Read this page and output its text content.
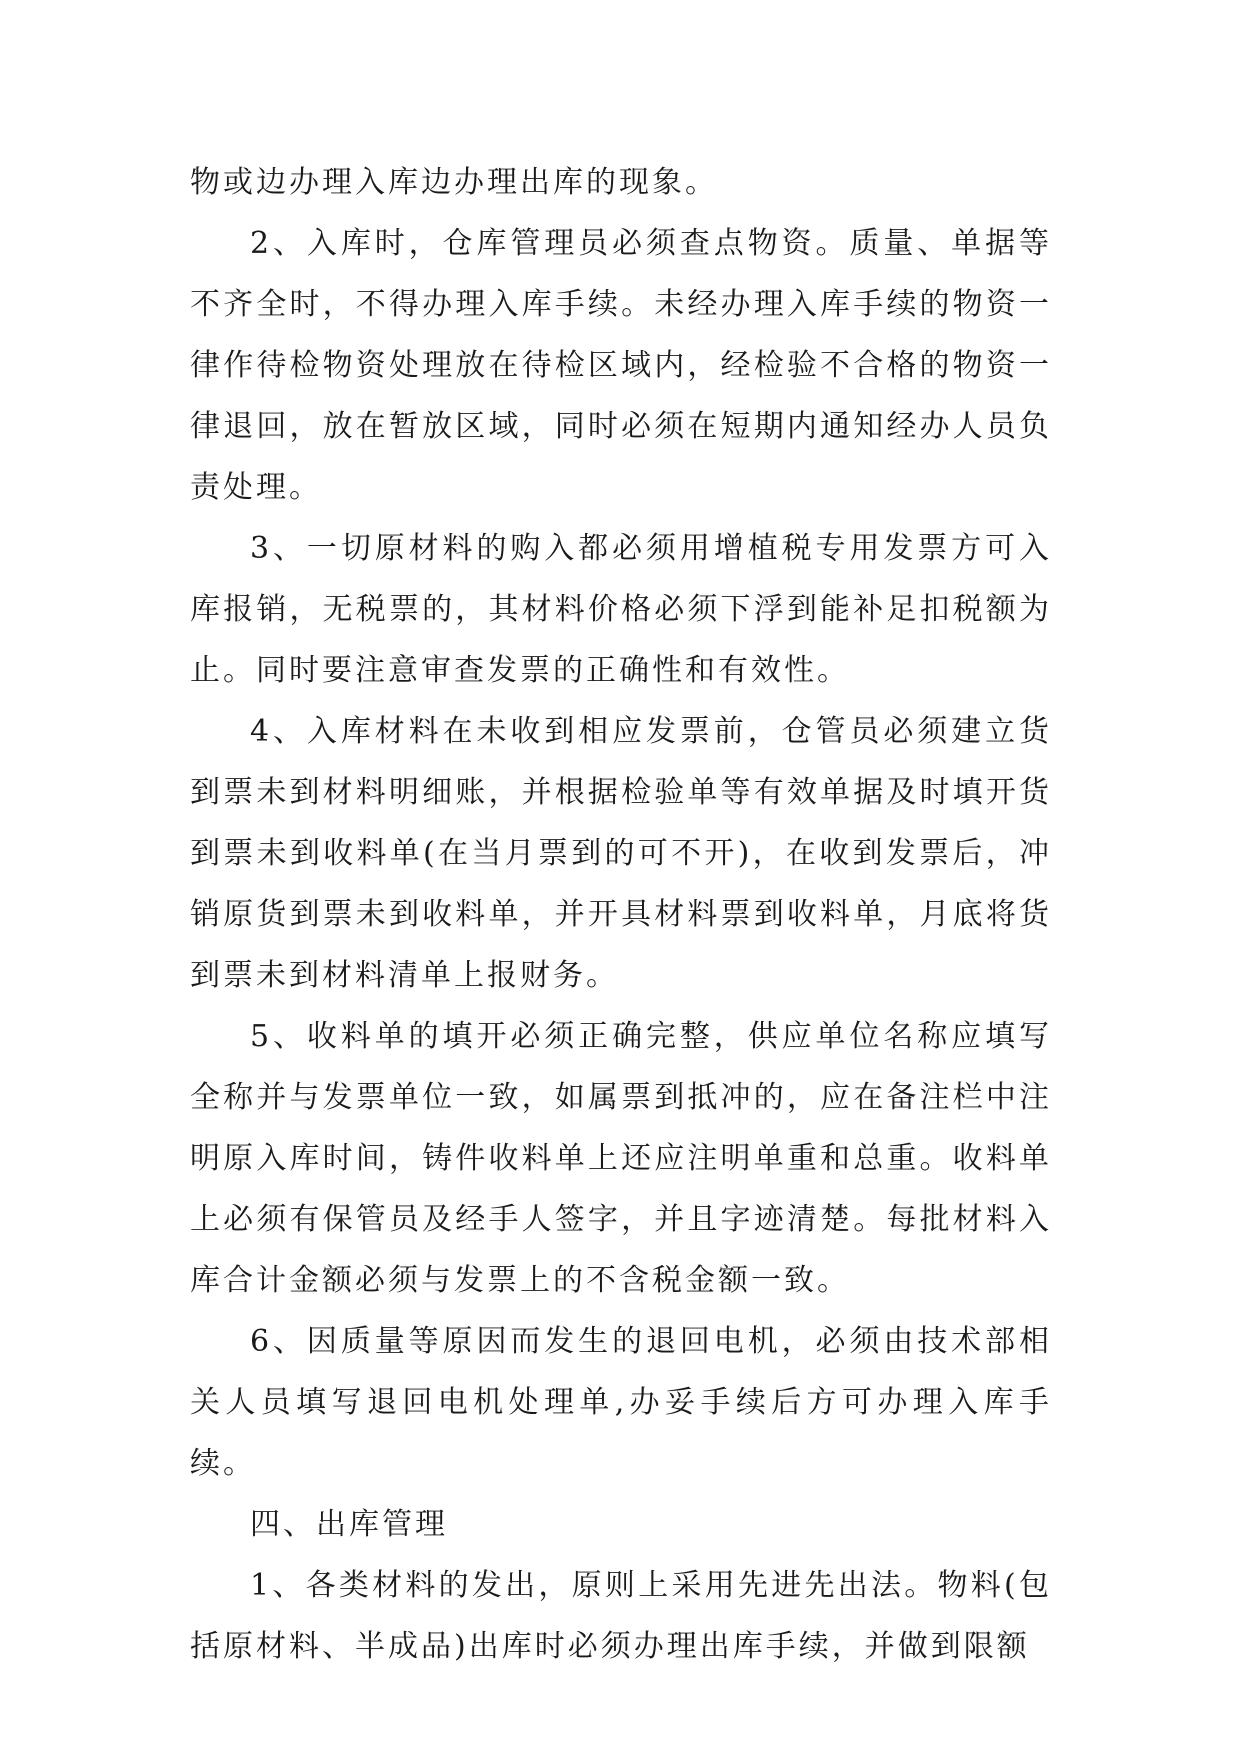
物或边办理入库边办理出库的现象。

2、入库时，仓库管理员必须查点物资。质量、单据等不齐全时，不得办理入库手续。未经办理入库手续的物资一律作待检物资处理放在待检区域内，经检验不合格的物资一律退回，放在暂放区域，同时必须在短期内通知经办人员负责处理。

3、一切原材料的购入都必须用增植税专用发票方可入库报销，无税票的，其材料价格必须下浮到能补足扣税额为止。同时要注意审查发票的正确性和有效性。

4、入库材料在未收到相应发票前，仓管员必须建立货到票未到材料明细账，并根据检验单等有效单据及时填开货到票未到收料单(在当月票到的可不开)，在收到发票后，冲销原货到票未到收料单，并开具材料票到收料单，月底将货到票未到材料清单上报财务。

5、收料单的填开必须正确完整，供应单位名称应填写全称并与发票单位一致，如属票到抵冲的，应在备注栏中注明原入库时间，铸件收料单上还应注明单重和总重。收料单上必须有保管员及经手人签字，并且字迹清楚。每批材料入库合计金额必须与发票上的不含税金额一致。

6、因质量等原因而发生的退回电机，必须由技术部相关人员填写退回电机处理单,办妥手续后方可办理入库手续。

四、出库管理

1、各类材料的发出，原则上采用先进先出法。物料(包括原材料、半成品)出库时必须办理出库手续，并做到限额
